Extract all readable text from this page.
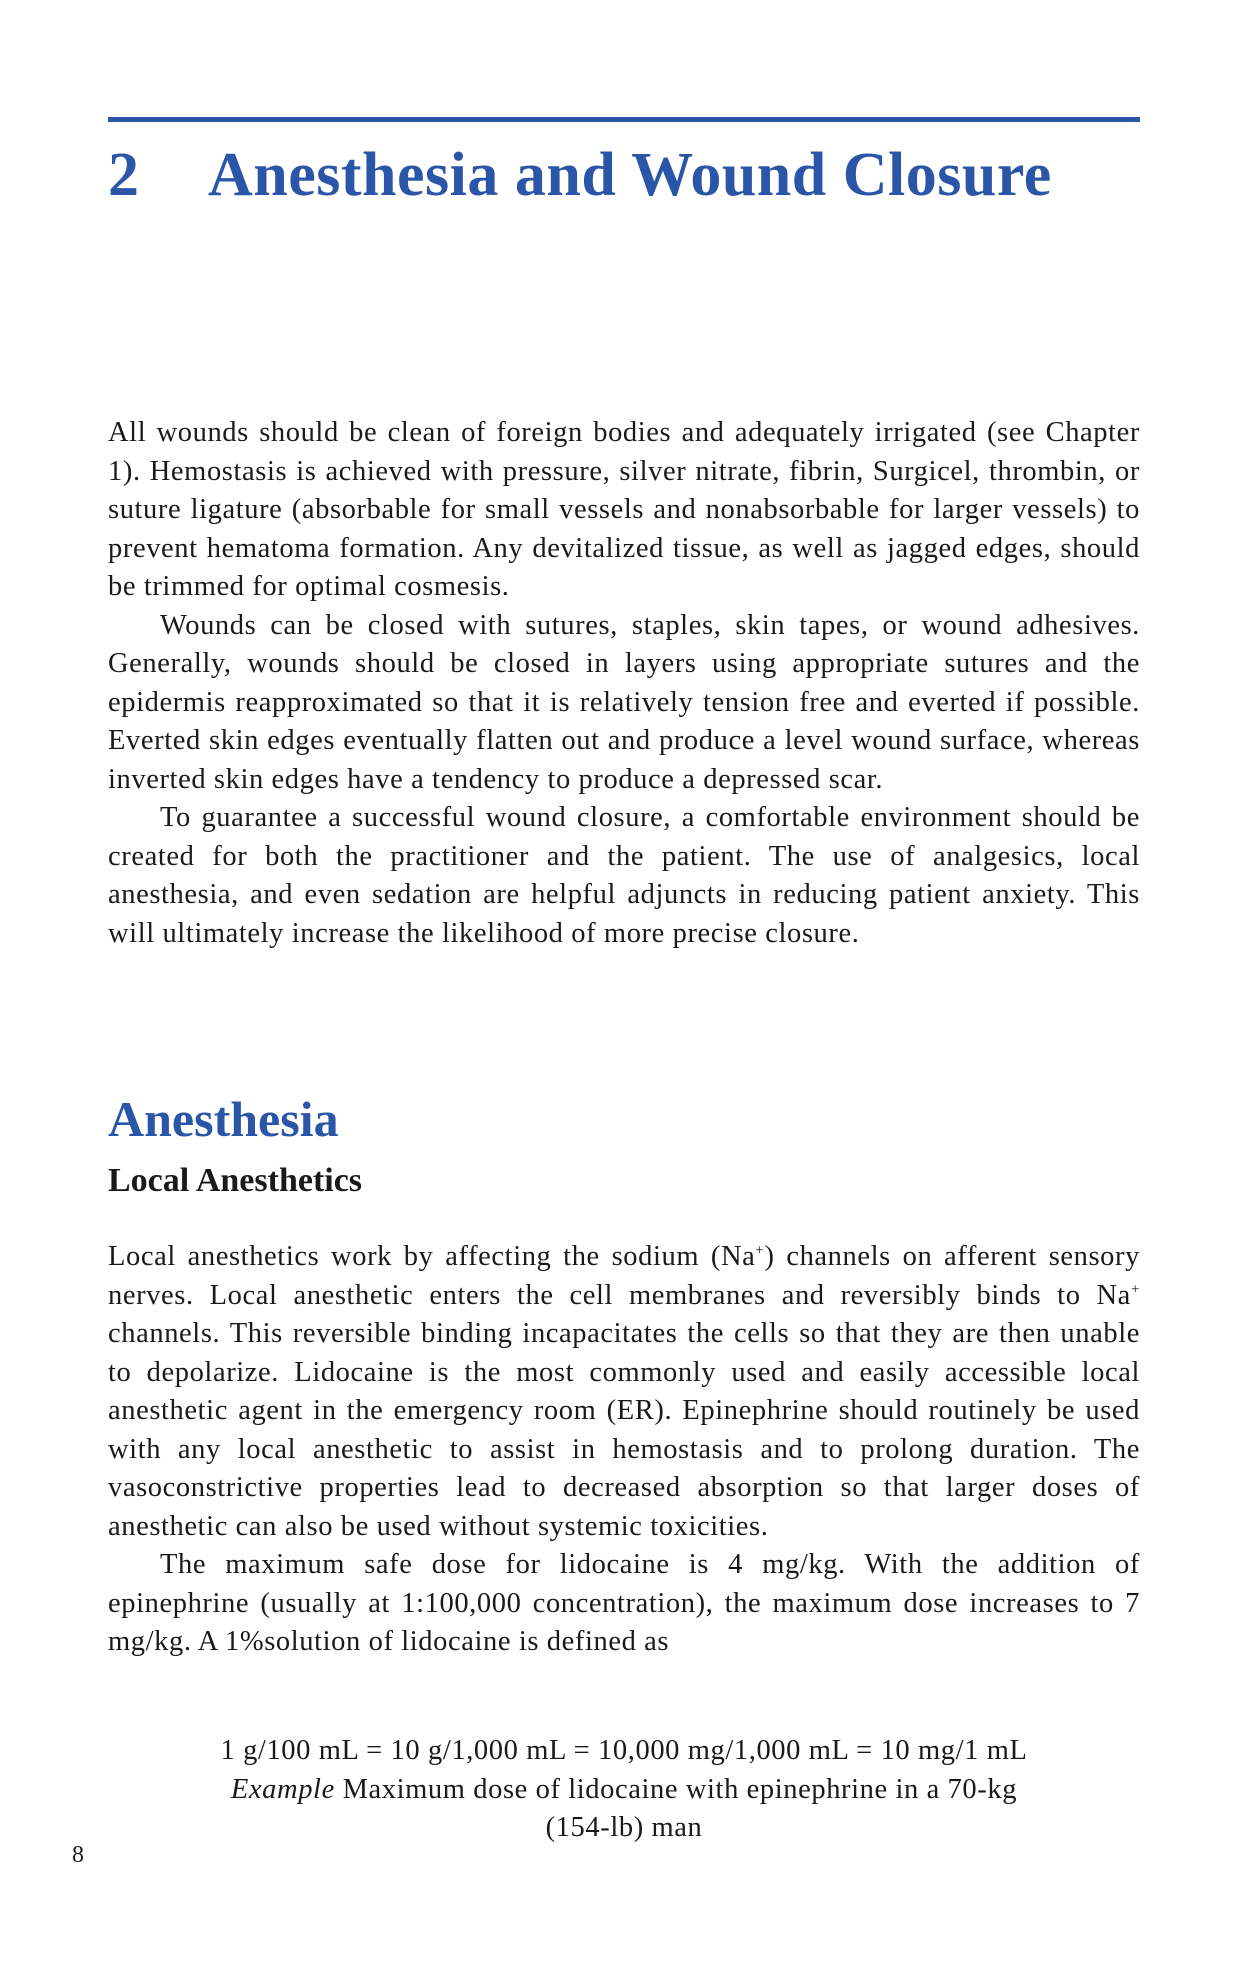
2 Anesthesia and Wound Closure

All wounds should be clean of foreign bodies and adequately irrigated (see Chapter 1). Hemostasis is achieved with pressure, silver nitrate, fibrin, Surgicel, thrombin, or suture ligature (absorbable for small vessels and nonabsorbable for larger vessels) to prevent hematoma formation. Any devitalized tissue, as well as jagged edges, should be trimmed for optimal cosmesis.

Wounds can be closed with sutures, staples, skin tapes, or wound adhesives. Generally, wounds should be closed in layers using appropriate sutures and the epidermis reapproximated so that it is relatively tension free and everted if possible. Everted skin edges eventually flatten out and produce a level wound surface, whereas inverted skin edges have a tendency to produce a depressed scar.

To guarantee a successful wound closure, a comfortable environment should be created for both the practitioner and the patient. The use of analgesics, local anesthesia, and even sedation are helpful adjuncts in reducing patient anxiety. This will ultimately increase the likelihood of more precise closure.

Anesthesia
Local Anesthetics

Local anesthetics work by affecting the sodium (Na+) channels on afferent sensory nerves. Local anesthetic enters the cell membranes and reversibly binds to Na+ channels. This reversible binding incapacitates the cells so that they are then unable to depolarize. Lidocaine is the most commonly used and easily accessible local anesthetic agent in the emergency room (ER). Epinephrine should routinely be used with any local anesthetic to assist in hemostasis and to prolong duration. The vasoconstrictive properties lead to decreased absorption so that larger doses of anesthetic can also be used without systemic toxicities.

The maximum safe dose for lidocaine is 4 mg/kg. With the addition of epinephrine (usually at 1:100,000 concentration), the maximum dose increases to 7 mg/kg. A 1%solution of lidocaine is defined as

1 g/100 mL = 10 g/1,000 mL = 10,000 mg/1,000 mL = 10 mg/1 mL
Example Maximum dose of lidocaine with epinephrine in a 70-kg
(154-lb) man
8
